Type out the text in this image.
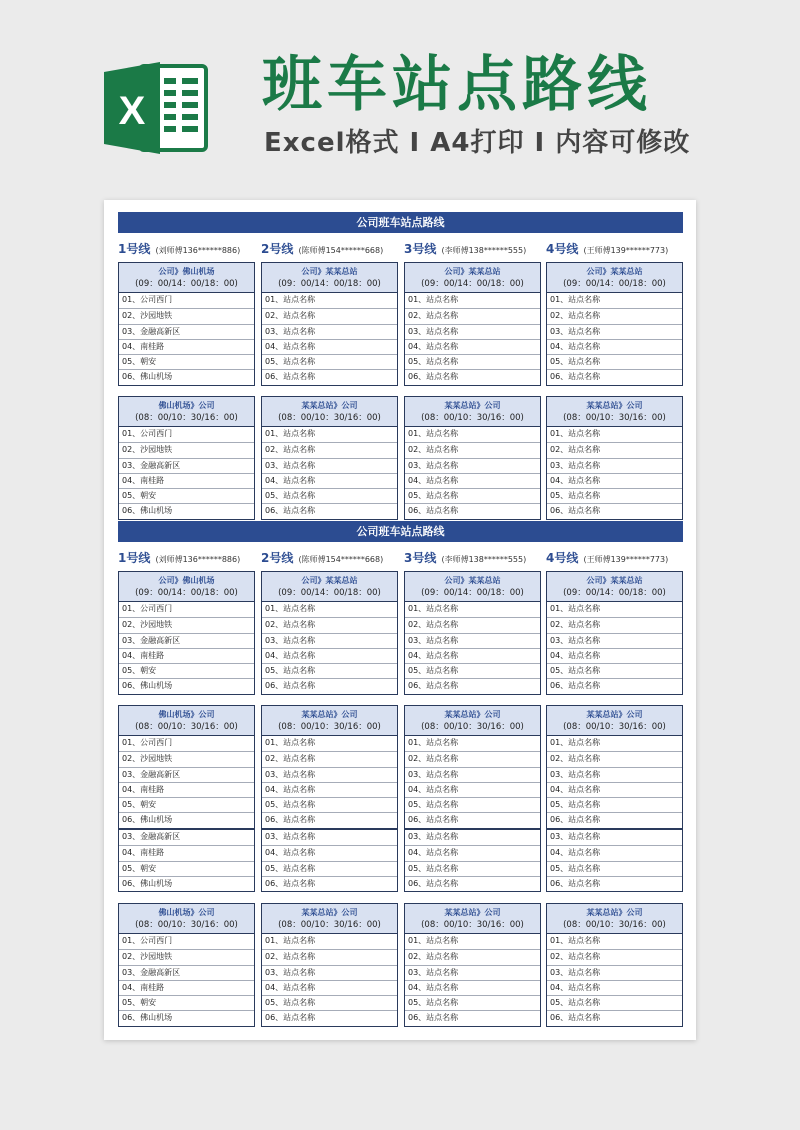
X 班车站点路线
Excel格式 I A4打印 I 内容可修改
公司班车站点路线
1号线 (刘师傅136******886)	2号线 (陈师傅154******668)	3号线 (李师傅138******555)	4号线 (王师傅139******773)
公司》佛山机场
(09：00/14：00/18：00)
01、公司西门
02、沙园地铁
03、金融高新区
04、南桂路
05、朝安
06、佛山机场
公司》某某总站
(09：00/14：00/18：00)
01、站点名称
02、站点名称
03、站点名称
04、站点名称
05、站点名称
06、站点名称
公司》某某总站
(09：00/14：00/18：00)
01、站点名称
02、站点名称
03、站点名称
04、站点名称
05、站点名称
06、站点名称
公司》某某总站
(09：00/14：00/18：00)
01、站点名称
02、站点名称
03、站点名称
04、站点名称
05、站点名称
06、站点名称
佛山机场》公司
(08：00/10：30/16：00)
01、公司西门
02、沙园地铁
03、金融高新区
04、南桂路
05、朝安
06、佛山机场
某某总站》公司
(08：00/10：30/16：00)
01、站点名称
02、站点名称
03、站点名称
04、站点名称
05、站点名称
06、站点名称
某某总站》公司
(08：00/10：30/16：00)
01、站点名称
02、站点名称
03、站点名称
04、站点名称
05、站点名称
06、站点名称
某某总站》公司
(08：00/10：30/16：00)
01、站点名称
02、站点名称
03、站点名称
04、站点名称
05、站点名称
06、站点名称
公司班车站点路线
1号线 (刘师傅136******886)	2号线 (陈师傅154******668)	3号线 (李师傅138******555)	4号线 (王师傅139******773)
公司》佛山机场
(09：00/14：00/18：00)
01、公司西门
02、沙园地铁
03、金融高新区
04、南桂路
05、朝安
06、佛山机场
公司》某某总站
(09：00/14：00/18：00)
01、站点名称
02、站点名称
03、站点名称
04、站点名称
05、站点名称
06、站点名称
公司》某某总站
(09：00/14：00/18：00)
01、站点名称
02、站点名称
03、站点名称
04、站点名称
05、站点名称
06、站点名称
公司》某某总站
(09：00/14：00/18：00)
01、站点名称
02、站点名称
03、站点名称
04、站点名称
05、站点名称
06、站点名称
佛山机场》公司
(08：00/10：30/16：00)
01、公司西门
02、沙园地铁
03、金融高新区
04、南桂路
05、朝安
06、佛山机场
某某总站》公司
(08：00/10：30/16：00)
01、站点名称
02、站点名称
03、站点名称
04、站点名称
05、站点名称
06、站点名称
某某总站》公司
(08：00/10：30/16：00)
01、站点名称
02、站点名称
03、站点名称
04、站点名称
05、站点名称
06、站点名称
某某总站》公司
(08：00/10：30/16：00)
01、站点名称
02、站点名称
03、站点名称
04、站点名称
05、站点名称
06、站点名称
03、金融高新区
04、南桂路
05、朝安
06、佛山机场
03、站点名称
04、站点名称
05、站点名称
06、站点名称
03、站点名称
04、站点名称
05、站点名称
06、站点名称
03、站点名称
04、站点名称
05、站点名称
06、站点名称
佛山机场》公司
(08：00/10：30/16：00)
01、公司西门
02、沙园地铁
03、金融高新区
04、南桂路
05、朝安
06、佛山机场
某某总站》公司
(08：00/10：30/16：00)
01、站点名称
02、站点名称
03、站点名称
04、站点名称
05、站点名称
06、站点名称
某某总站》公司
(08：00/10：30/16：00)
01、站点名称
02、站点名称
03、站点名称
04、站点名称
05、站点名称
06、站点名称
某某总站》公司
(08：00/10：30/16：00)
01、站点名称
02、站点名称
03、站点名称
04、站点名称
05、站点名称
06、站点名称
